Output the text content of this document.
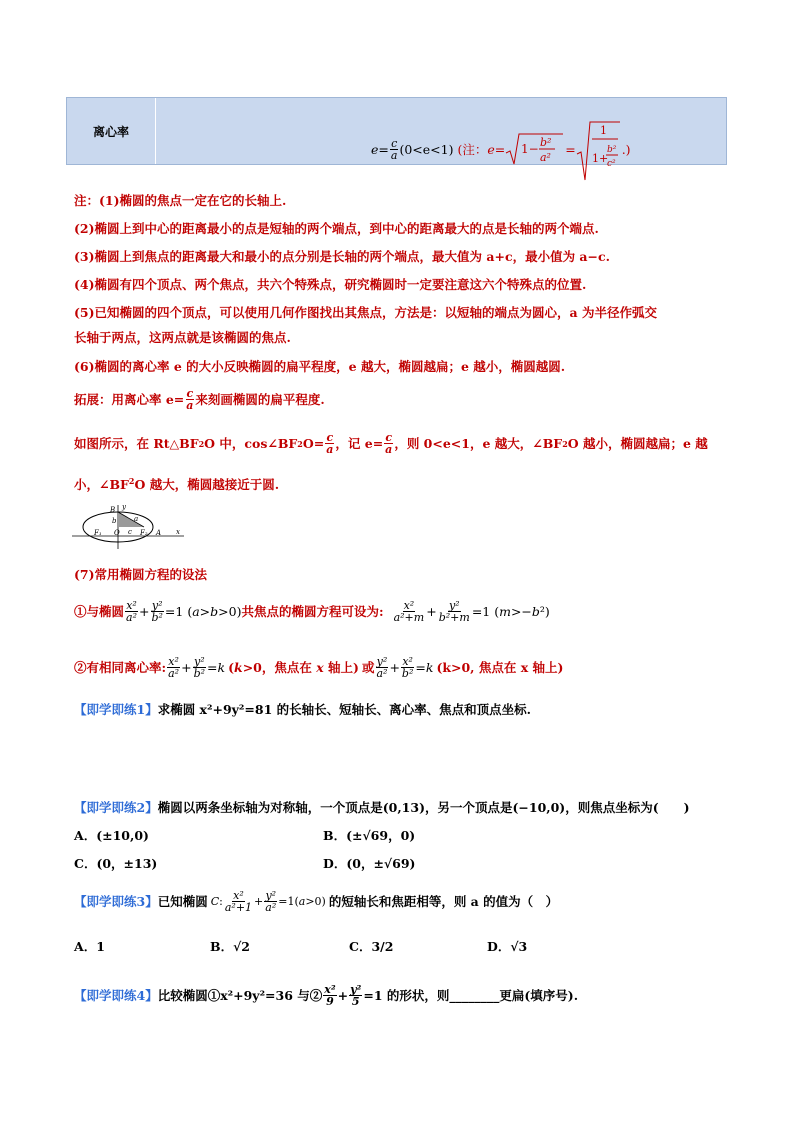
离心率
$e= \frac{c}{a} (0<e<1)$ (注： e= 1− b²
a²
=
1
1+
b²
c²
.)
注：(1)椭圆的焦点一定在它的长轴上.
(2)椭圆上到中心的距离最小的点是短轴的两个端点，到中心的距离最大的点是长轴的两个端点.
(3)椭圆上到焦点的距离最大和最小的点分别是长轴的两个端点，最大值为 a+c，最小值为 a−c.
(4)椭圆有四个顶点、两个焦点，共六个特殊点，研究椭圆时一定要注意这六个特殊点的位置.
(5)已知椭圆的四个顶点，可以使用几何作图找出其焦点，方法是：以短轴的端点为圆心，a 为半径作弧交
长轴于两点，这两点就是该椭圆的焦点.
(6)椭圆的离心率 e 的大小反映椭圆的扁平程度，e 越大，椭圆越扁；e 越小，椭圆越圆.
拓展：用离心率 $e= \frac{c}{a}$ 来刻画椭圆的扁平程度.
如图所示，在 Rt△BF 2 O 中，cos∠BF 2 $O= \frac{c}{a}$ ，记 $e= \frac{c}{a}$ ，则 0<e<1，e 越大，∠BF 2 O 越小，椭圆越扁；e 越
小，$\angle BF^2O$ 越大，椭圆越接近于圆.
B y
b	a
F₁ O c F₂ A x
(7)常用椭圆方程的设法
①与椭圆 $\frac{\text{x²}}{\text{a²}} + \frac{\text{y²}}{\text{b²}} =1$ ( a > b >0) 共焦点的椭圆方程可设为: $\frac{\text{x²}}{\text{a²+m}} + \frac{\text{y²}}{\text{b²+m}} =1$ ( m >− b ²)
②有相同离心率: $\frac{\text{x²}}{\text{a²}} + \frac{\text{y²}}{\text{b²}} = k$ (k>0，焦点在 x 轴上) 或 $\frac{\text{y²}}{\text{a²}} + \frac{\text{x²}}{\text{b²}} = k$ (k>0, 焦点在 x 轴上)
【即学即练1】求椭圆 x²+9y²=81 的长轴长、短轴长、离心率、焦点和顶点坐标.
【即学即练2】椭圆以两条坐标轴为对称轴，一个顶点是(0,13)，另一个顶点是(−10,0)，则焦点坐标为(　　)
A．(±10,0)	B．(±√69，0)
C．(0，±13)	D．(0，±√69)
【即学即练3】 已知椭圆 C : $\frac{\text{x²}}{\text{a²+1}} + \frac{\text{y²}}{\text{a²}} =1$( a >0) 的短轴长和焦距相等，则 a 的值为（　）
A．1	B．√2	C．3/2	D．√3
【即学即练4】 比较椭圆①x²+9y²=36 与② $\frac{\text{x²}}{9} + \frac{\text{y²}}{5} =1$ 的形状，则________更扁(填序号).
